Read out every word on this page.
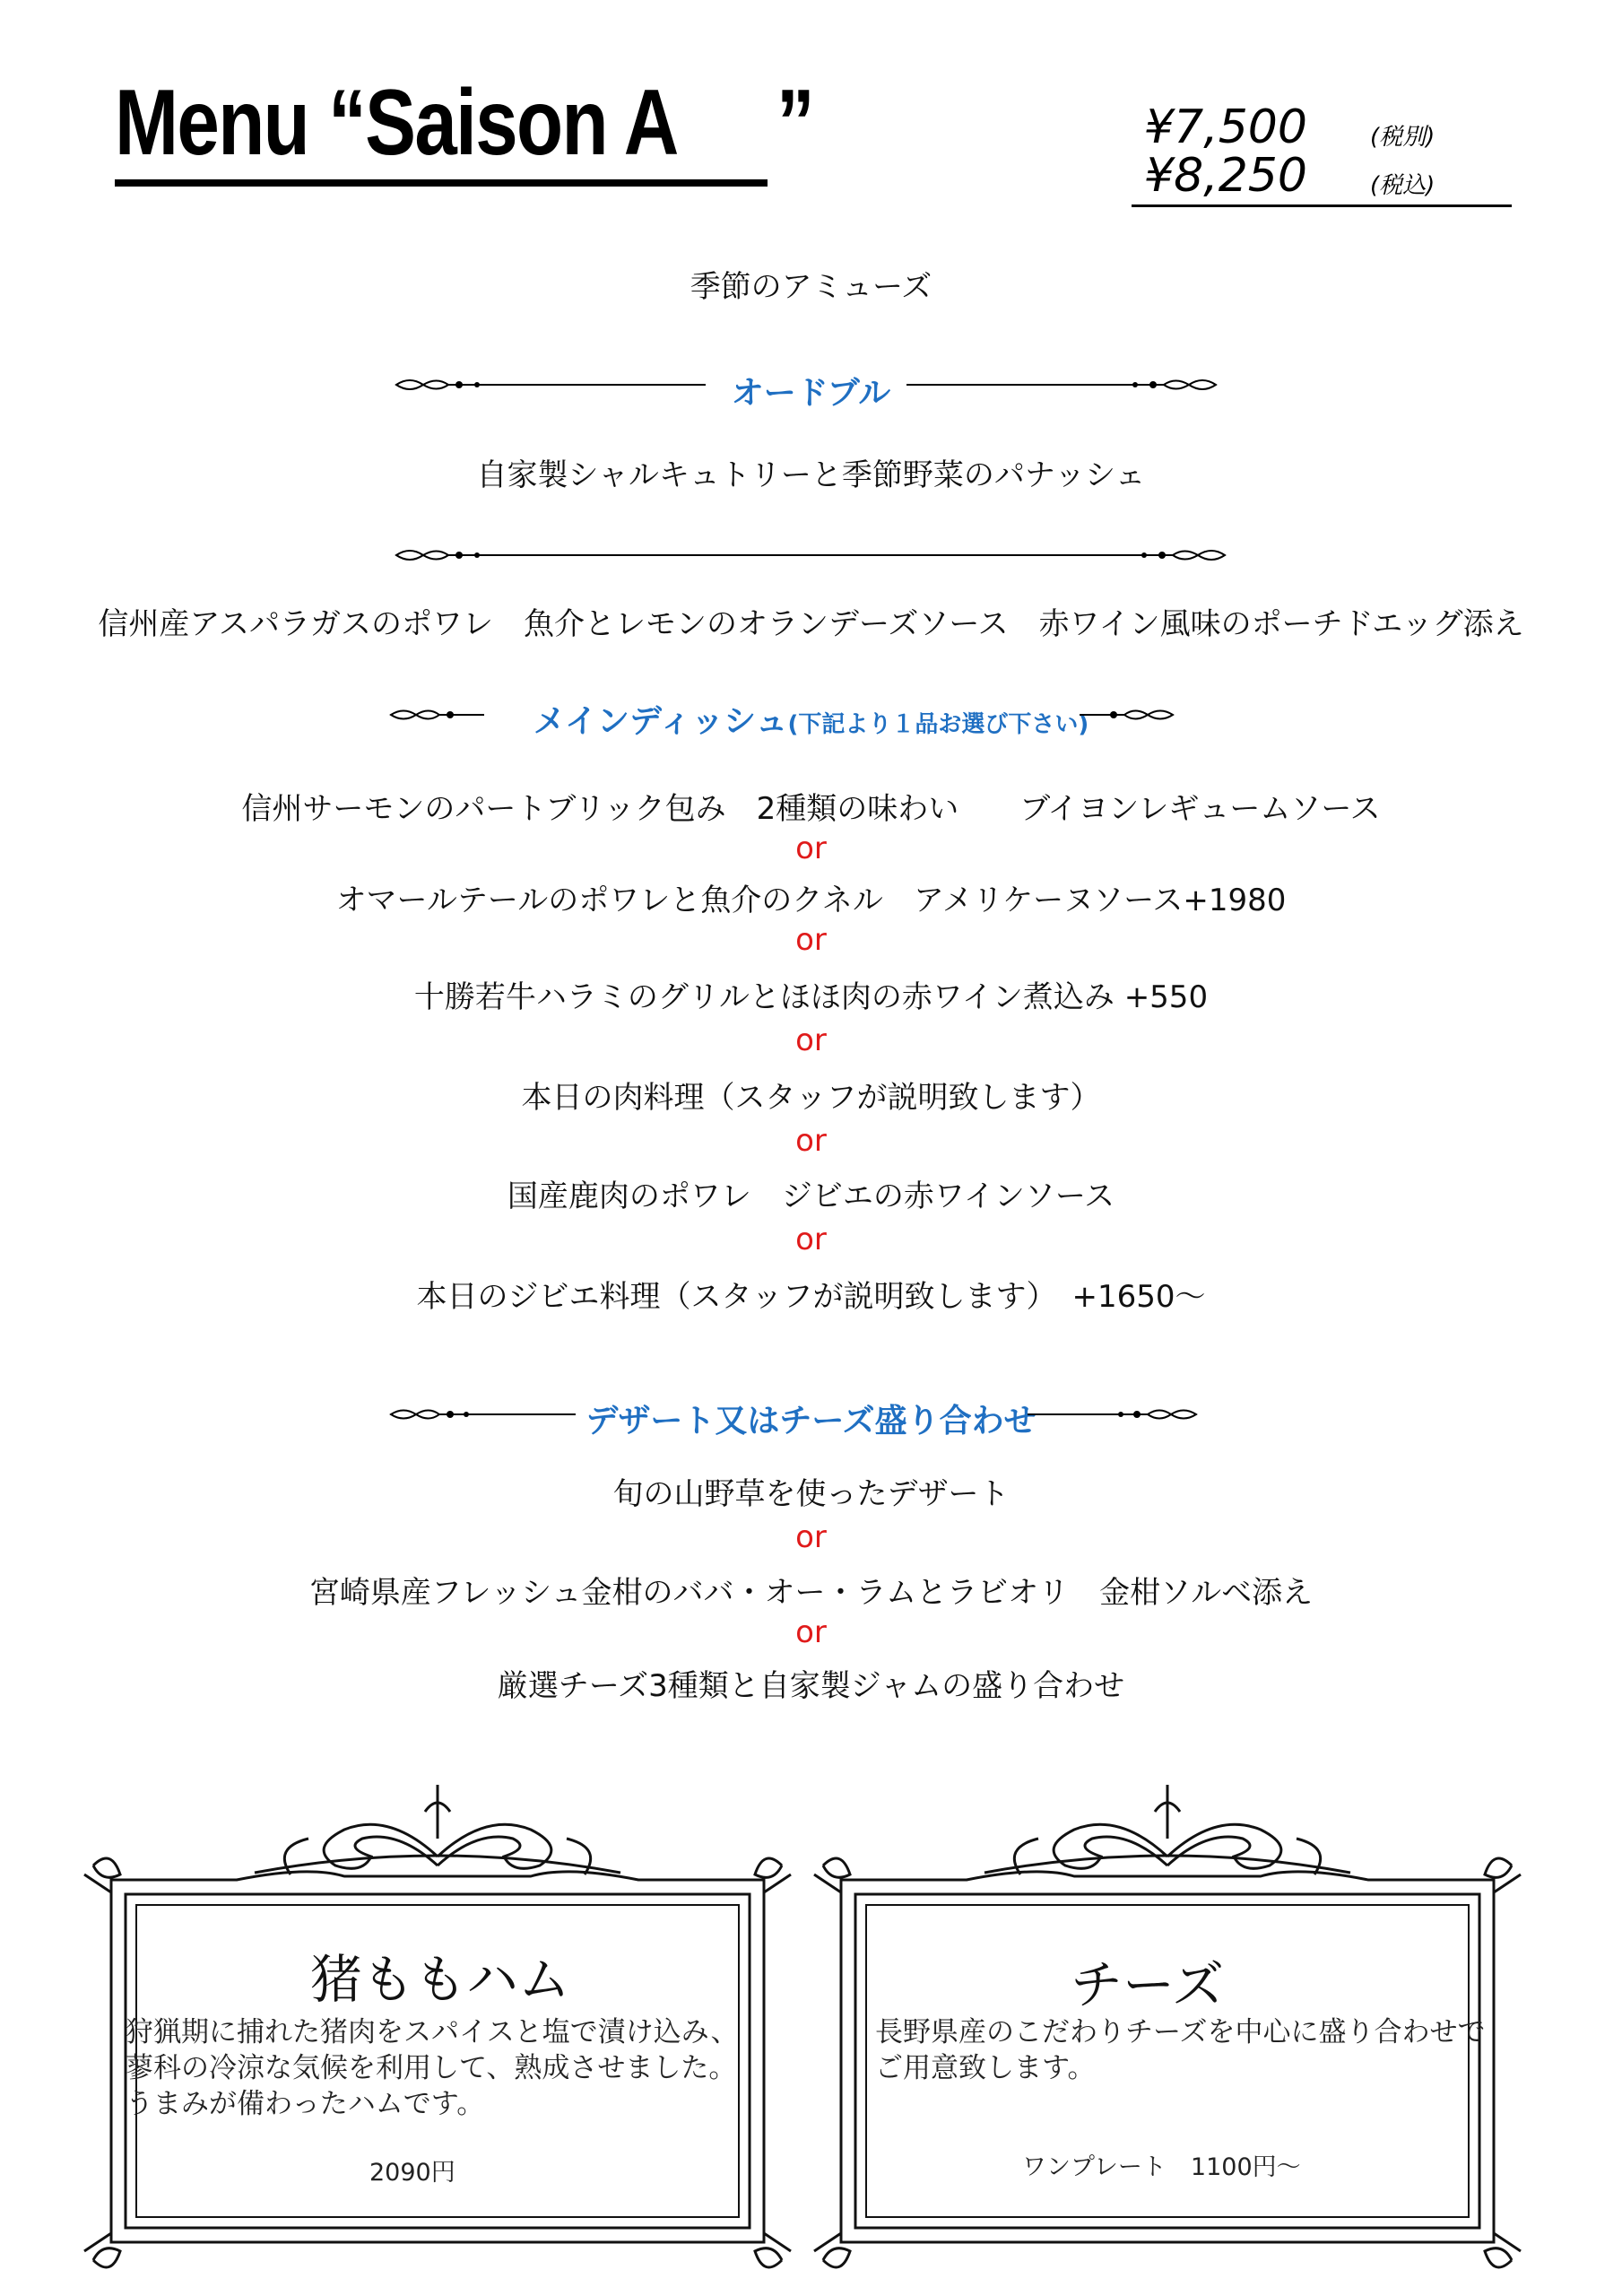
Menu “Saison A ”	¥7,500	(税別)
¥8,250	(税込)
季節のアミューズ
オードブル
自家製シャルキュトリーと季節野菜のパナッシェ
信州産アスパラガスのポワレ　魚介とレモンのオランデーズソース　赤ワイン風味のポーチドエッグ添え
メインディッシュ(下記より１品お選び下さい)
信州サーモンのパートブリック包み　2種類の味わい　　ブイヨンレギュームソース
or
オマールテールのポワレと魚介のクネル　アメリケーヌソース+1980
or
十勝若牛ハラミのグリルとほほ肉の赤ワイン煮込み +550
or
本日の肉料理（スタッフが説明致します）
or
国産鹿肉のポワレ　ジビエの赤ワインソース
or
本日のジビエ料理（スタッフが説明致します）　+1650～
デザート又はチーズ盛り合わせ
旬の山野草を使ったデザート
or
宮崎県産フレッシュ金柑のババ・オー・ラムとラビオリ　金柑ソルベ添え
or
厳選チーズ3種類と自家製ジャムの盛り合わせ
猪ももハム
狩猟期に捕れた猪肉をスパイスと塩で漬け込み、
蓼科の冷涼な気候を利用して、熟成させました。
うまみが備わったハムです。
2090円
チーズ
長野県産のこだわりチーズを中心に盛り合わせで
ご用意致します。
ワンプレート　1100円～
